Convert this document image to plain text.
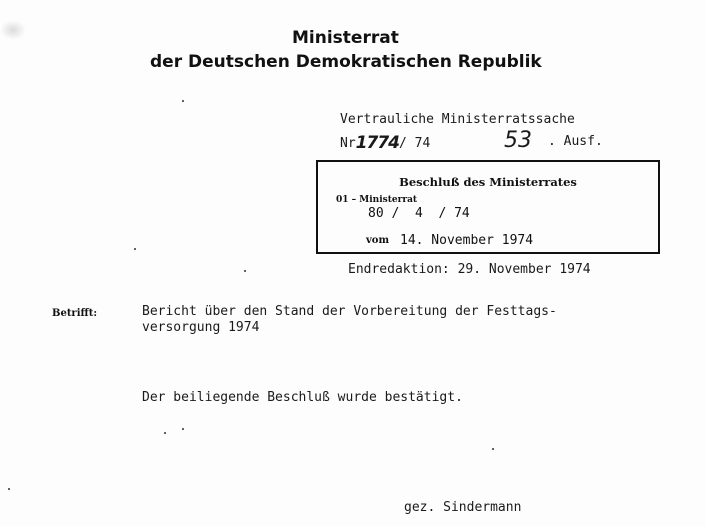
Ministerrat
der Deutschen Demokratischen Republik
Vertrauliche Ministerratssache
Nr1774/ 74	53 . Ausf.
Beschluß des Ministerrates
01 – Ministerrat
80 /  4  / 74
vom 14. November 1974
Endredaktion: 29. November 1974
Betrifft:	Bericht über den Stand der Vorbereitung der Festtags-
versorgung 1974
Der beiliegende Beschluß wurde bestätigt.
gez. Sindermann
